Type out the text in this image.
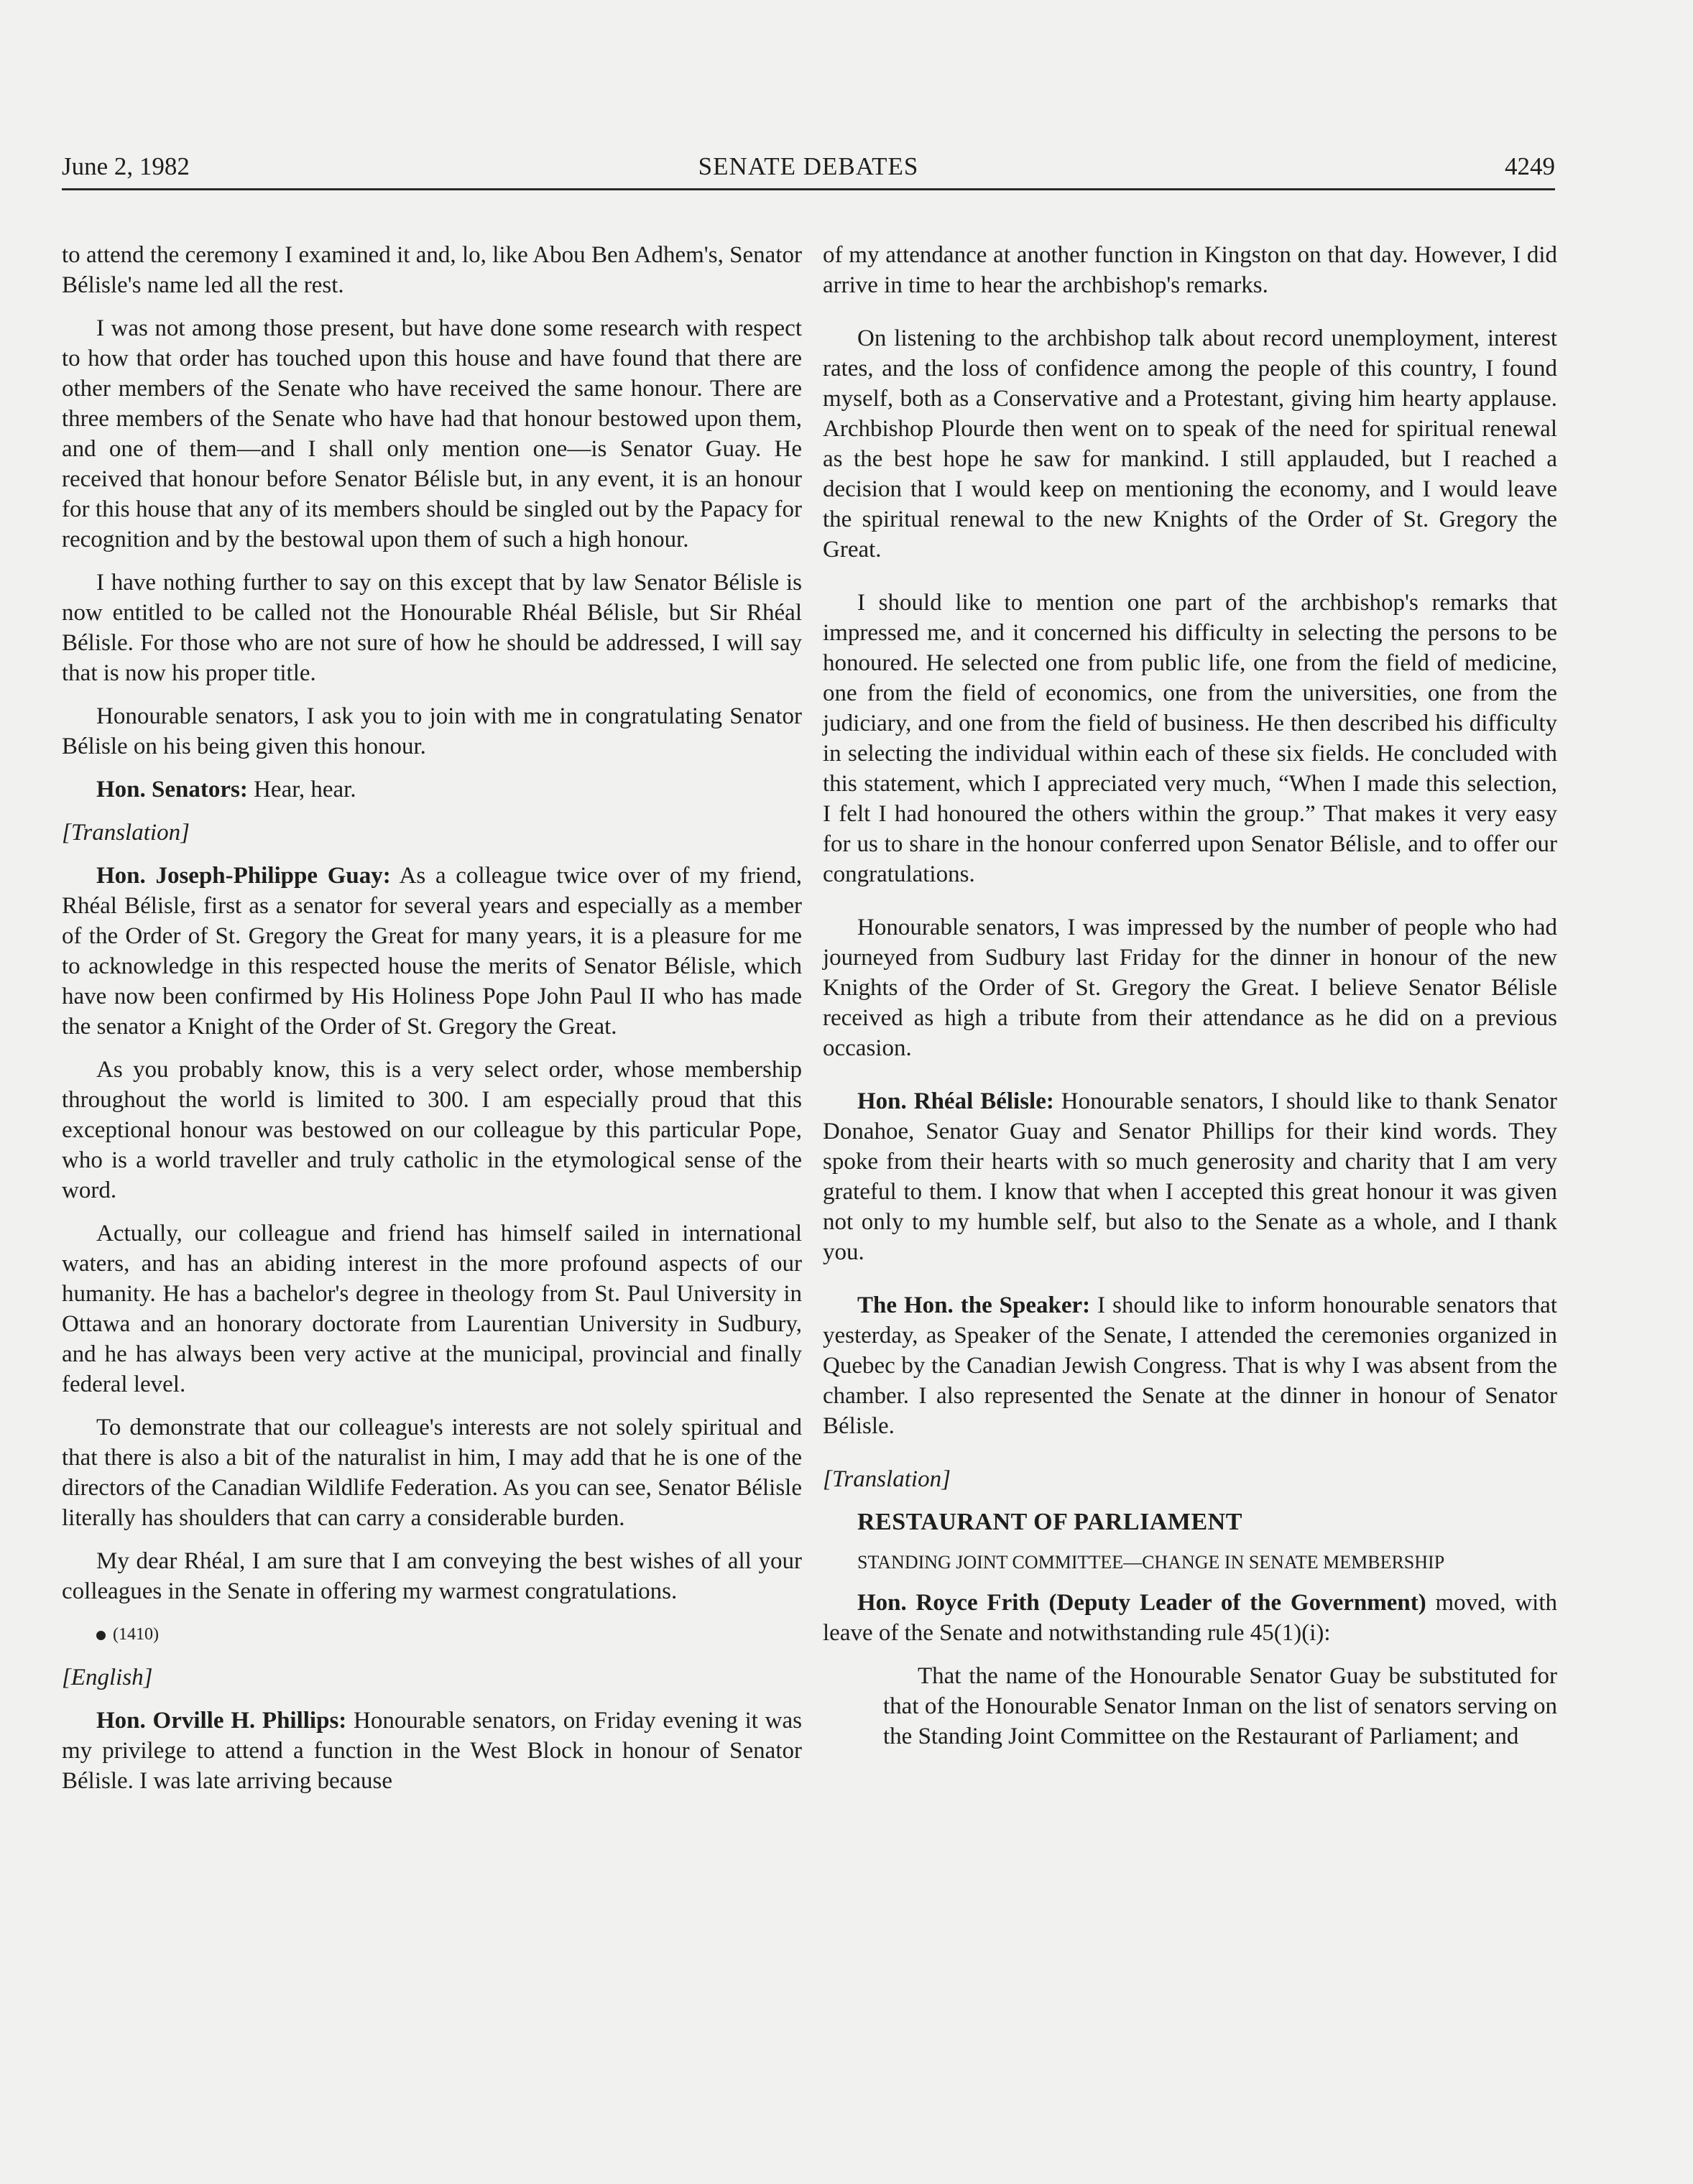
June 2, 1982	SENATE DEBATES	4249

to attend the ceremony I examined it and, lo, like Abou Ben Adhem's, Senator Bélisle's name led all the rest.

I was not among those present, but have done some research with respect to how that order has touched upon this house and have found that there are other members of the Senate who have received the same honour. There are three members of the Senate who have had that honour bestowed upon them, and one of them—and I shall only mention one—is Senator Guay. He received that honour before Senator Bélisle but, in any event, it is an honour for this house that any of its members should be singled out by the Papacy for recognition and by the bestowal upon them of such a high honour.

I have nothing further to say on this except that by law Senator Bélisle is now entitled to be called not the Honourable Rhéal Bélisle, but Sir Rhéal Bélisle. For those who are not sure of how he should be addressed, I will say that is now his proper title.

Honourable senators, I ask you to join with me in congratulating Senator Bélisle on his being given this honour.

Hon. Senators: Hear, hear.

[Translation]

Hon. Joseph-Philippe Guay: As a colleague twice over of my friend, Rhéal Bélisle, first as a senator for several years and especially as a member of the Order of St. Gregory the Great for many years, it is a pleasure for me to acknowledge in this respected house the merits of Senator Bélisle, which have now been confirmed by His Holiness Pope John Paul II who has made the senator a Knight of the Order of St. Gregory the Great.

As you probably know, this is a very select order, whose membership throughout the world is limited to 300. I am especially proud that this exceptional honour was bestowed on our colleague by this particular Pope, who is a world traveller and truly catholic in the etymological sense of the word.

Actually, our colleague and friend has himself sailed in international waters, and has an abiding interest in the more profound aspects of our humanity. He has a bachelor's degree in theology from St. Paul University in Ottawa and an honorary doctorate from Laurentian University in Sudbury, and he has always been very active at the municipal, provincial and finally federal level.

To demonstrate that our colleague's interests are not solely spiritual and that there is also a bit of the naturalist in him, I may add that he is one of the directors of the Canadian Wildlife Federation. As you can see, Senator Bélisle literally has shoulders that can carry a considerable burden.

My dear Rhéal, I am sure that I am conveying the best wishes of all your colleagues in the Senate in offering my warmest congratulations.

(1410)

[English]

Hon. Orville H. Phillips: Honourable senators, on Friday evening it was my privilege to attend a function in the West Block in honour of Senator Bélisle. I was late arriving because

of my attendance at another function in Kingston on that day. However, I did arrive in time to hear the archbishop's remarks.

On listening to the archbishop talk about record unemployment, interest rates, and the loss of confidence among the people of this country, I found myself, both as a Conservative and a Protestant, giving him hearty applause. Archbishop Plourde then went on to speak of the need for spiritual renewal as the best hope he saw for mankind. I still applauded, but I reached a decision that I would keep on mentioning the economy, and I would leave the spiritual renewal to the new Knights of the Order of St. Gregory the Great.

I should like to mention one part of the archbishop's remarks that impressed me, and it concerned his difficulty in selecting the persons to be honoured. He selected one from public life, one from the field of medicine, one from the field of economics, one from the universities, one from the judiciary, and one from the field of business. He then described his difficulty in selecting the individual within each of these six fields. He concluded with this statement, which I appreciated very much, “When I made this selection, I felt I had honoured the others within the group.” That makes it very easy for us to share in the honour conferred upon Senator Bélisle, and to offer our congratulations.

Honourable senators, I was impressed by the number of people who had journeyed from Sudbury last Friday for the dinner in honour of the new Knights of the Order of St. Gregory the Great. I believe Senator Bélisle received as high a tribute from their attendance as he did on a previous occasion.

Hon. Rhéal Bélisle: Honourable senators, I should like to thank Senator Donahoe, Senator Guay and Senator Phillips for their kind words. They spoke from their hearts with so much generosity and charity that I am very grateful to them. I know that when I accepted this great honour it was given not only to my humble self, but also to the Senate as a whole, and I thank you.

The Hon. the Speaker: I should like to inform honourable senators that yesterday, as Speaker of the Senate, I attended the ceremonies organized in Quebec by the Canadian Jewish Congress. That is why I was absent from the chamber. I also represented the Senate at the dinner in honour of Senator Bélisle.

[Translation]

RESTAURANT OF PARLIAMENT

STANDING JOINT COMMITTEE—CHANGE IN SENATE MEMBERSHIP

Hon. Royce Frith (Deputy Leader of the Government) moved, with leave of the Senate and notwithstanding rule 45(1)(i):

That the name of the Honourable Senator Guay be substituted for that of the Honourable Senator Inman on the list of senators serving on the Standing Joint Committee on the Restaurant of Parliament; and
